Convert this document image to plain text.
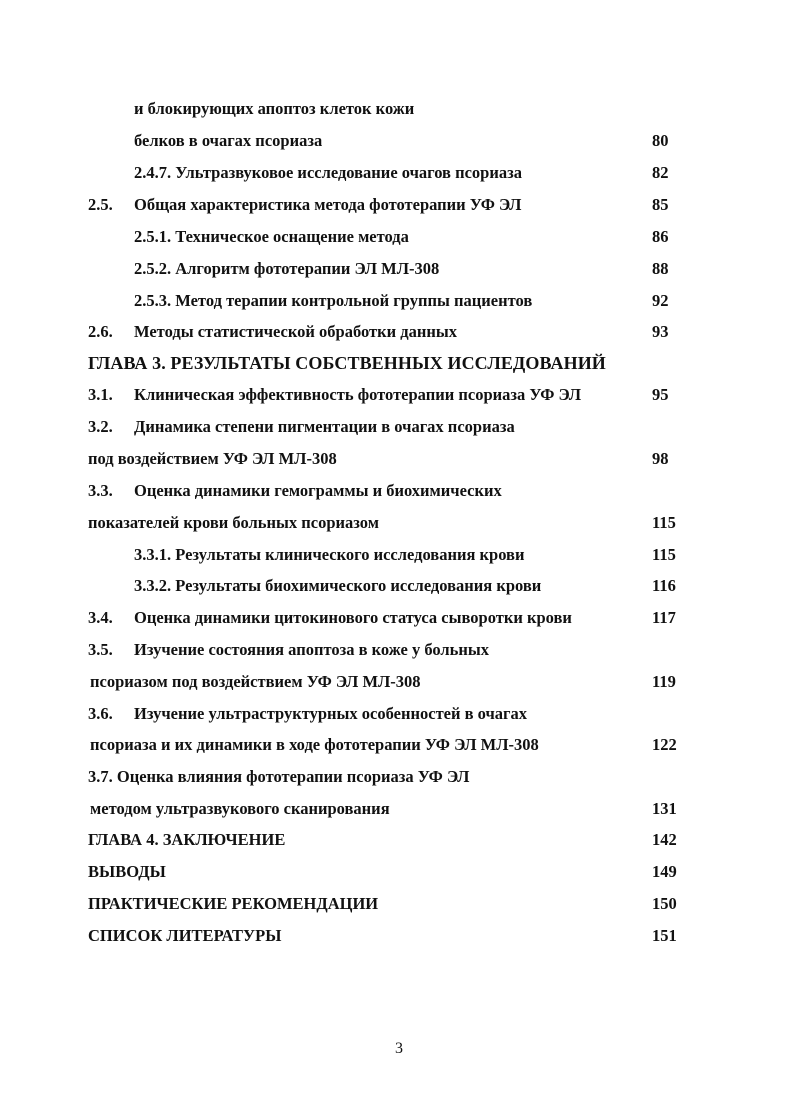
и блокирующих апоптоз клеток кожи
белков в очагах псориаза	80
2.4.7. Ультразвуковое исследование очагов псориаза	82
2.5. Общая характеристика метода фототерапии УФ ЭЛ	85
2.5.1. Техническое оснащение метода	86
2.5.2. Алгоритм фототерапии ЭЛ МЛ-308	88
2.5.3. Метод терапии контрольной группы пациентов	92
2.6. Методы статистической обработки данных	93
ГЛАВА 3. РЕЗУЛЬТАТЫ СОБСТВЕННЫХ ИССЛЕДОВАНИЙ
3.1. Клиническая эффективность фототерапии псориаза УФ ЭЛ	95
3.2. Динамика степени пигментации в очагах псориаза
под воздействием УФ ЭЛ МЛ-308	98
3.3. Оценка динамики гемограммы и биохимических
показателей крови больных псориазом	115
3.3.1. Результаты клинического исследования крови	115
3.3.2. Результаты биохимического исследования крови	116
3.4. Оценка динамики цитокинового статуса сыворотки крови	117
3.5. Изучение состояния апоптоза в коже у больных
псориазом под воздействием УФ ЭЛ МЛ-308	119
3.6. Изучение ультраструктурных особенностей в очагах
псориаза и их динамики в ходе фототерапии УФ ЭЛ МЛ-308	122
3.7. Оценка влияния фототерапии псориаза УФ ЭЛ
методом ультразвукового сканирования	131
ГЛАВА 4. ЗАКЛЮЧЕНИЕ	142
ВЫВОДЫ	149
ПРАКТИЧЕСКИЕ РЕКОМЕНДАЦИИ	150
СПИСОК ЛИТЕРАТУРЫ	151
3
